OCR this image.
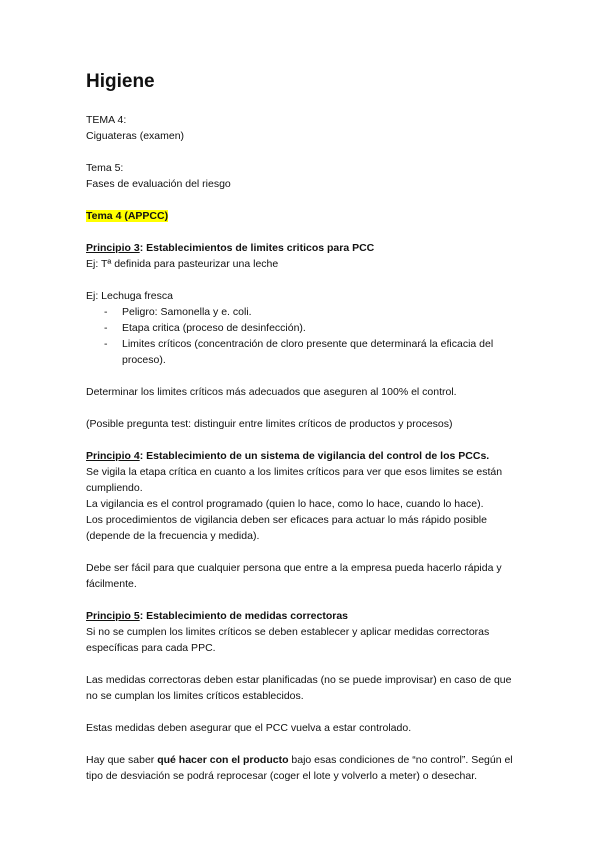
Higiene

TEMA 4:

Ciguateras (examen)

Tema 5:

Fases de evaluación del riesgo

Tema 4 (APPCC)

Principio 3: Establecimientos de limites criticos para PCC

Ej: Tª definida para pasteurizar una leche

Ej: Lechuga fresca

- Peligro: Samonella y e. coli.
- Etapa critica (proceso de desinfección).
- Limites críticos (concentración de cloro presente que determinará la eficacia del proceso).

Determinar los limites críticos más adecuados que aseguren al 100% el control.

(Posible pregunta test: distinguir entre limites críticos de productos y procesos)

Principio 4: Establecimiento de un sistema de vigilancia del control de los PCCs.

Se vigila la etapa crítica en cuanto a los limites críticos para ver que esos limites se están cumpliendo.

La vigilancia es el control programado (quien lo hace, como lo hace, cuando lo hace).

Los procedimientos de vigilancia deben ser eficaces para actuar lo más rápido posible (depende de la frecuencia y medida).

Debe ser fácil para que cualquier persona que entre a la empresa pueda hacerlo rápida y fácilmente.

Principio 5: Establecimiento de medidas correctoras

Si no se cumplen los limites críticos se deben establecer y aplicar medidas correctoras específicas para cada PPC.

Las medidas correctoras deben estar planificadas (no se puede improvisar) en caso de que no se cumplan los limites críticos establecidos.

Estas medidas deben asegurar que el PCC vuelva a estar controlado.

Hay que saber qué hacer con el producto bajo esas condiciones de “no control”. Según el tipo de desviación se podrá reprocesar (coger el lote y volverlo a meter) o desechar.
